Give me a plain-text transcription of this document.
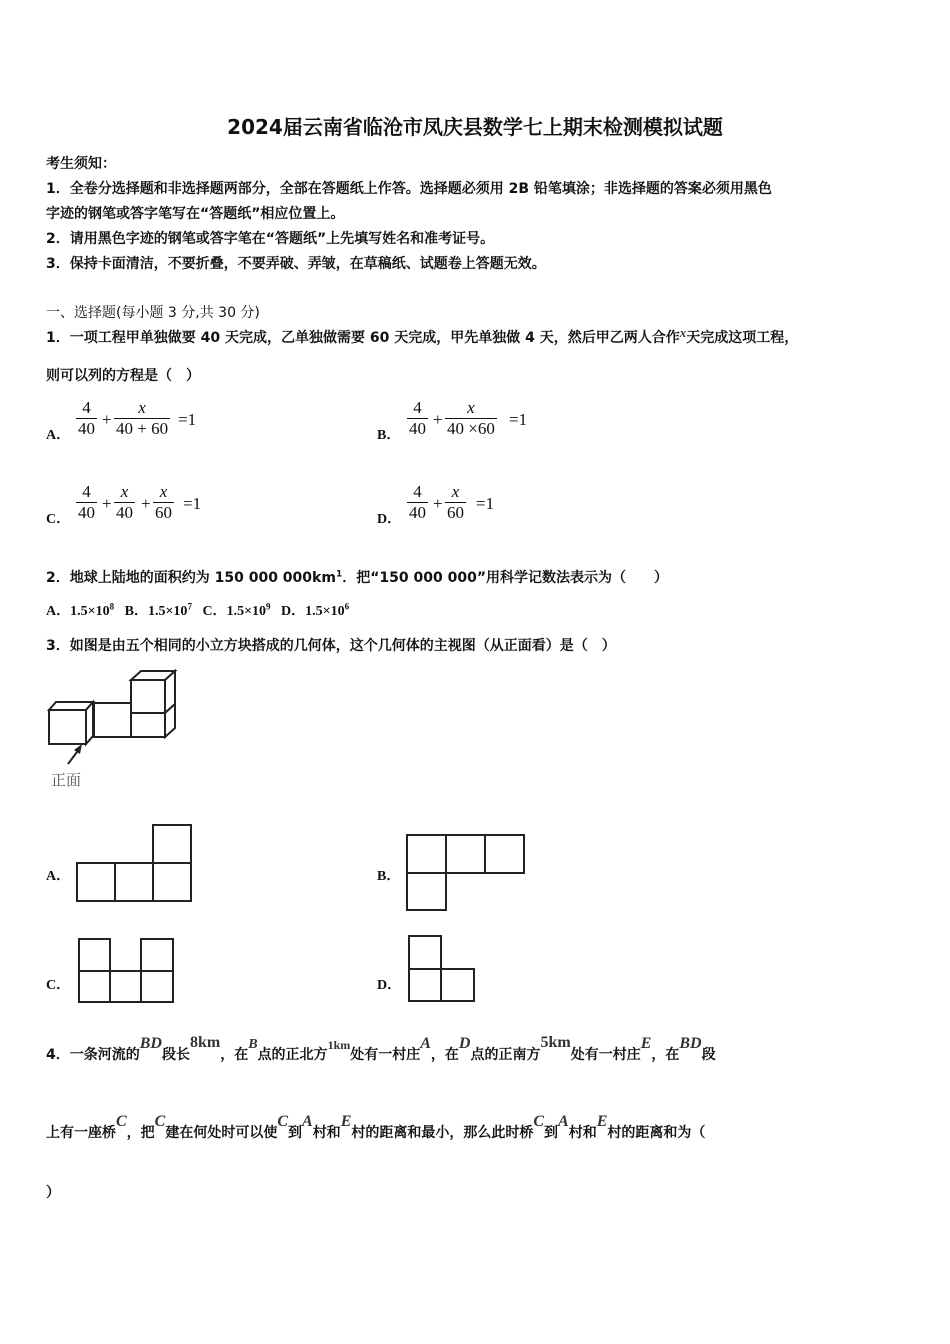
2024届云南省临沧市凤庆县数学七上期末检测模拟试题
考生须知：
1．全卷分选择题和非选择题两部分，全部在答题纸上作答。选择题必须用 2B 铅笔填涂；非选择题的答案必须用黑色
字迹的钢笔或答字笔写在“答题纸”相应位置上。
2．请用黑色字迹的钢笔或答字笔在“答题纸”上先填写姓名和准考证号。
3．保持卡面清洁，不要折叠，不要弄破、弄皱，在草稿纸、试题卷上答题无效。
一、选择题(每小题 3 分,共 30 分)
1．一项工程甲单独做要 40 天完成，乙单独做需要 60 天完成，甲先单独做 4 天，然后甲乙两人合作x天完成这项工程，
则可以列的方程是（　）
A． $\frac{4}{40} + \frac{x}{40 + 60} =1$
B． $\frac{4}{40} + \frac{x}{40 \times 60} =1$
C． $\frac{4}{40} + \frac{x}{40} + \frac{x}{60} =1$
D． $\frac{4}{40} + \frac{x}{60} =1$
2．地球上陆地的面积约为 150 000 $000km^1$．把“150 000 000”用科学记数法表示为（　　）
A．$1.5\times 10^8$ B．$1.5\times 10^7$ C．$1.5\times 10^9$ D．$1.5\times 10^6$
3．如图是由五个相同的小立方块搭成的几何体，这个几何体的主视图（从正面看）是（　）
正面
A．	B．
C．	D．
4．一条河流的BD段长8km，在B点的正北方1km处有一村庄A，在D点的正南方5km处有一村庄E，在BD段
上有一座桥C，把C建在何处时可以使C到A村和E村的距离和最小，那么此时桥C到A村和E村的距离和为（
）
